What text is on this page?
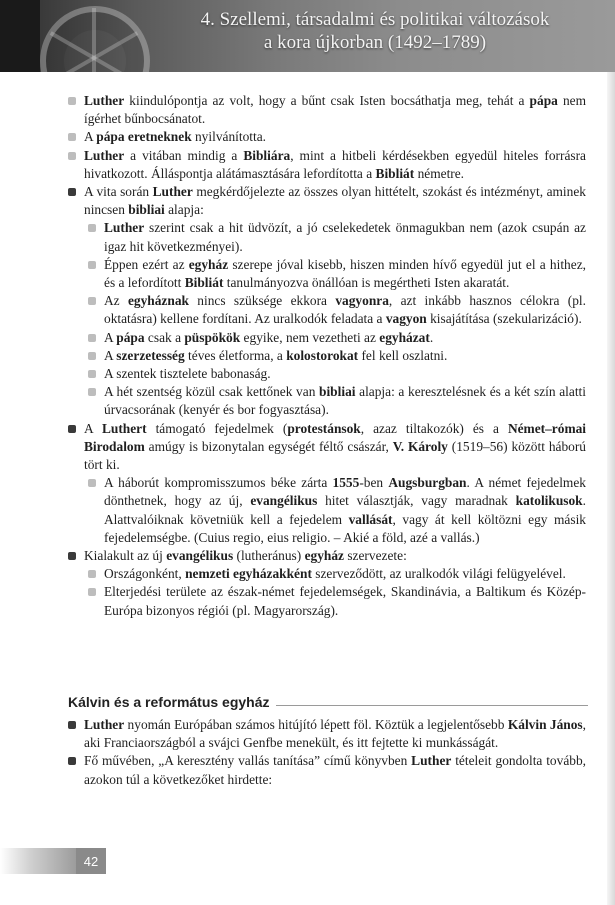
4. Szellemi, társadalmi és politikai változások
a kora újkorban (1492–1789)
Luther kiindulópontja az volt, hogy a bűnt csak Isten bocsáthatja meg, tehát a pápa nem ígérhet bűnbocsánatot.
A pápa eretneknek nyilvánította.
Luther a vitában mindig a Bibliára, mint a hitbeli kérdésekben egyedül hiteles forrásra hivatkozott. Álláspontja alátámasztására lefordította a Bibliát németre.
A vita során Luther megkérdőjelezte az összes olyan hittételt, szokást és intézményt, aminek nincsen bibliai alapja:
Luther szerint csak a hit üdvözít, a jó cselekedetek önmagukban nem (azok csupán az igaz hit következményei).
Éppen ezért az egyház szerepe jóval kisebb, hiszen minden hívő egyedül jut el a hithez, és a lefordított Bibliát tanulmányozva önállóan is megértheti Isten akaratát.
Az egyháznak nincs szüksége ekkora vagyonra, azt inkább hasznos célokra (pl. oktatásra) kellene fordítani. Az uralkodók feladata a vagyon kisajátítása (szekularizáció).
A pápa csak a püspökök egyike, nem vezetheti az egyházat.
A szerzetesség téves életforma, a kolostorokat fel kell oszlatni.
A szentek tisztelete babonaság.
A hét szentség közül csak kettőnek van bibliai alapja: a keresztelésnek és a két szín alatti úrvacsorának (kenyér és bor fogyasztása).
A Luthert támogató fejedelmek (protestánsok, azaz tiltakozók) és a Német–római Birodalom amúgy is bizonytalan egységét féltő császár, V. Károly (1519–56) között háború tört ki.
A háborút kompromisszumos béke zárta 1555-ben Augsburgban. A német fejedelmek dönthetnek, hogy az új, evangélikus hitet választják, vagy maradnak katolikusok. Alattvalóiknak követniük kell a fejedelem vallását, vagy át kell költözni egy másik fejedelemségbe. (Cuius regio, eius religio. – Akié a föld, azé a vallás.)
Kialakult az új evangélikus (lutheránus) egyház szervezete:
Országonként, nemzeti egyházakként szerveződött, az uralkodók világi felügyelével.
Elterjedési területe az észak-német fejedelemségek, Skandinávia, a Baltikum és Közép-Európa bizonyos régiói (pl. Magyarország).
Kálvin és a református egyház
Luther nyomán Európában számos hitújító lépett föl. Köztük a legjelentősebb Kálvin János, aki Franciaországból a svájci Genfbe menekült, és itt fejtette ki munkásságát.
Fő művében, „A keresztény vallás tanítása” című könyvben Luther tételeit gondolta tovább, azokon túl a következőket hirdette:
42
